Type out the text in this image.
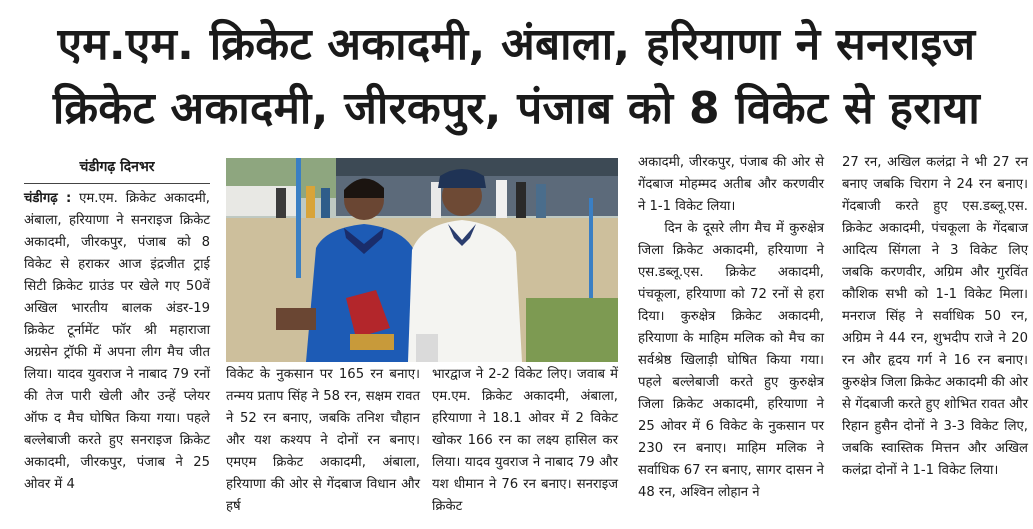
एम.एम. क्रिकेट अकादमी, अंबाला, हरियाणा ने सनराइज
क्रिकेट अकादमी, जीरकपुर, पंजाब को 8 विकेट से हराया
चंडीगढ़ दिनभर

चंडीगढ़ : एम.एम. क्रिकेट अकादमी, अंबाला, हरियाणा ने सनराइज क्रिकेट अकादमी, जीरकपुर, पंजाब को 8 विकेट से हराकर आज इंद्रजीत ट्राई सिटी क्रिकेट ग्राउंड पर खेले गए 50वें अखिल भारतीय बालक अंडर-19 क्रिकेट टूर्नामेंट फॉर श्री महाराजा अग्रसेन ट्रॉफी में अपना लीग मैच जीत लिया। यादव युवराज ने नाबाद 79 रनों की तेज पारी खेली और उन्हें प्लेयर ऑफ द मैच घोषित किया गया। पहले बल्लेबाजी करते हुए सनराइज क्रिकेट अकादमी, जीरकपुर, पंजाब ने 25 ओवर में 4

विकेट के नुकसान पर 165 रन बनाए। तन्मय प्रताप सिंह ने 58 रन, सक्षम रावत ने 52 रन बनाए, जबकि तनिश चौहान और यश कश्यप ने दोनों रन बनाए। एमएम क्रिकेट अकादमी, अंबाला, हरियाणा की ओर से गेंदबाज विधान और हर्ष

भारद्वाज ने 2-2 विकेट लिए। जवाब में एम.एम. क्रिकेट अकादमी, अंबाला, हरियाणा ने 18.1 ओवर में 2 विकेट खोकर 166 रन का लक्ष्य हासिल कर लिया। यादव युवराज ने नाबाद 79 और यश धीमान ने 76 रन बनाए। सनराइज क्रिकेट

अकादमी, जीरकपुर, पंजाब की ओर से गेंदबाज मोहम्मद अतीब और करणवीर ने 1-1 विकेट लिया।

दिन के दूसरे लीग मैच में कुरुक्षेत्र जिला क्रिकेट अकादमी, हरियाणा ने एस.डब्लू.एस. क्रिकेट अकादमी, पंचकूला, हरियाणा को 72 रनों से हरा दिया। कुरुक्षेत्र क्रिकेट अकादमी, हरियाणा के माहिम मलिक को मैच का सर्वश्रेष्ठ खिलाड़ी घोषित किया गया। पहले बल्लेबाजी करते हुए कुरुक्षेत्र जिला क्रिकेट अकादमी, हरियाणा ने 25 ओवर में 6 विकेट के नुकसान पर 230 रन बनाए। माहिम मलिक ने सर्वाधिक 67 रन बनाए, सागर दासन ने 48 रन, अश्विन लोहान ने

27 रन, अखिल कलंद्रा ने भी 27 रन बनाए जबकि चिराग ने 24 रन बनाए। गेंदबाजी करते हुए एस.डब्लू.एस. क्रिकेट अकादमी, पंचकूला के गेंदबाज आदित्य सिंगला ने 3 विकेट लिए जबकि करणवीर, अग्रिम और गुरविंत कौशिक सभी को 1-1 विकेट मिला। मनराज सिंह ने सर्वाधिक 50 रन, अग्रिम ने 44 रन, शुभदीप राजे ने 20 रन और हृदय गर्ग ने 16 रन बनाए। कुरुक्षेत्र जिला क्रिकेट अकादमी की ओर से गेंदबाजी करते हुए शोभित रावत और रिहान हुसैन दोनों ने 3-3 विकेट लिए, जबकि स्वास्तिक मित्तन और अखिल कलंद्रा दोनों ने 1-1 विकेट लिया।
